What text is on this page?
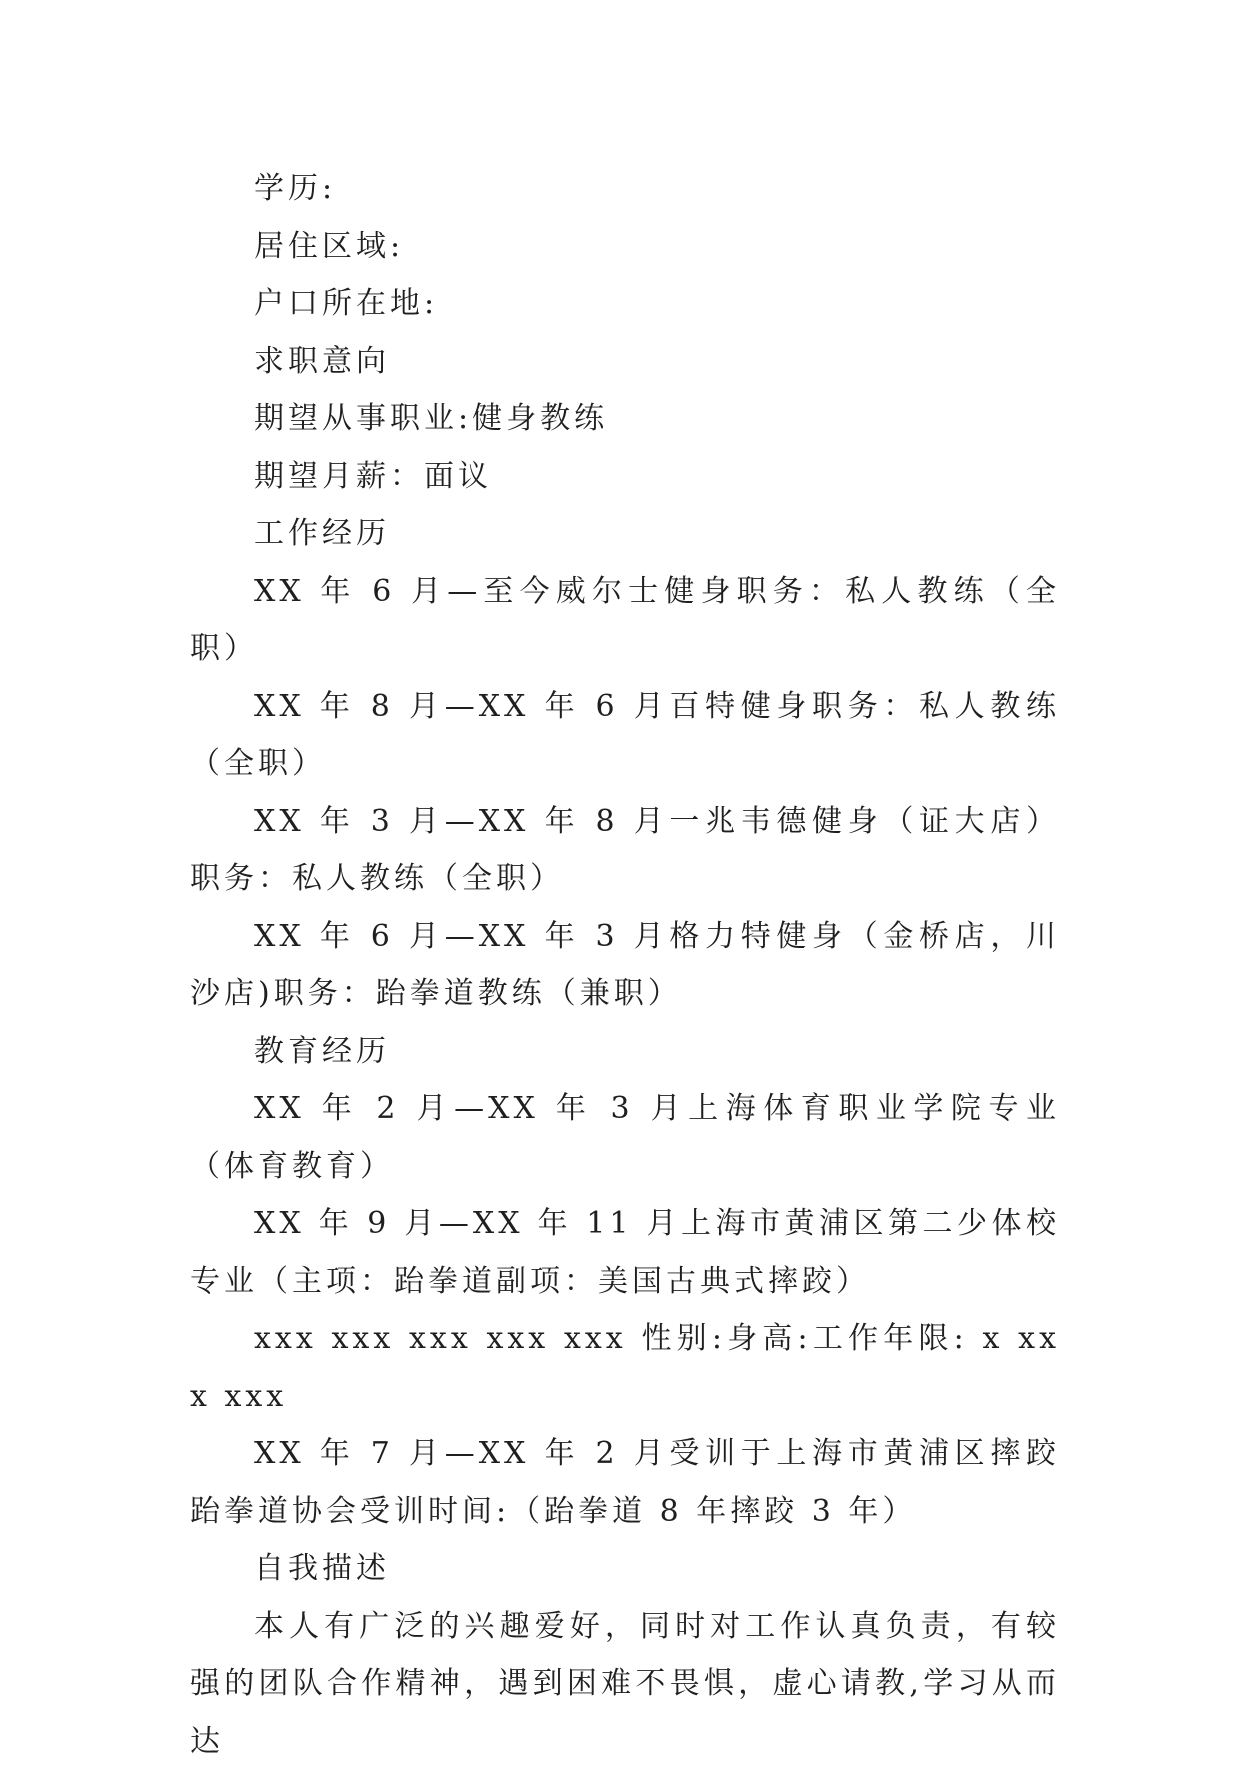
学历:

居住区域:

户口所在地:

求职意向

期望从事职业:健身教练

期望月薪：面议

工作经历

XX 年 6 月—至今威尔士健身职务：私人教练（全职）

XX 年 8 月—XX 年 6 月百特健身职务：私人教练（全职）

XX 年 3 月—XX 年 8 月一兆韦德健身（证大店）职务：私人教练（全职）

XX 年 6 月—XX 年 3 月格力特健身（金桥店，川沙店)职务：跆拳道教练（兼职）

教育经历

XX 年 2 月—XX 年 3 月上海体育职业学院专业（体育教育）

XX 年 9 月—XX 年 11 月上海市黄浦区第二少体校专业（主项：跆拳道副项：美国古典式摔跤）

xxx xxx xxx xxx xxx 性别:身高:工作年限: x xxx xxx

XX 年 7 月—XX 年 2 月受训于上海市黄浦区摔跤跆拳道协会受训时间:（跆拳道 8 年摔跤 3 年）

自我描述

本人有广泛的兴趣爱好，同时对工作认真负责，有较强的团队合作精神，遇到困难不畏惧，虚心请教,学习从而达
